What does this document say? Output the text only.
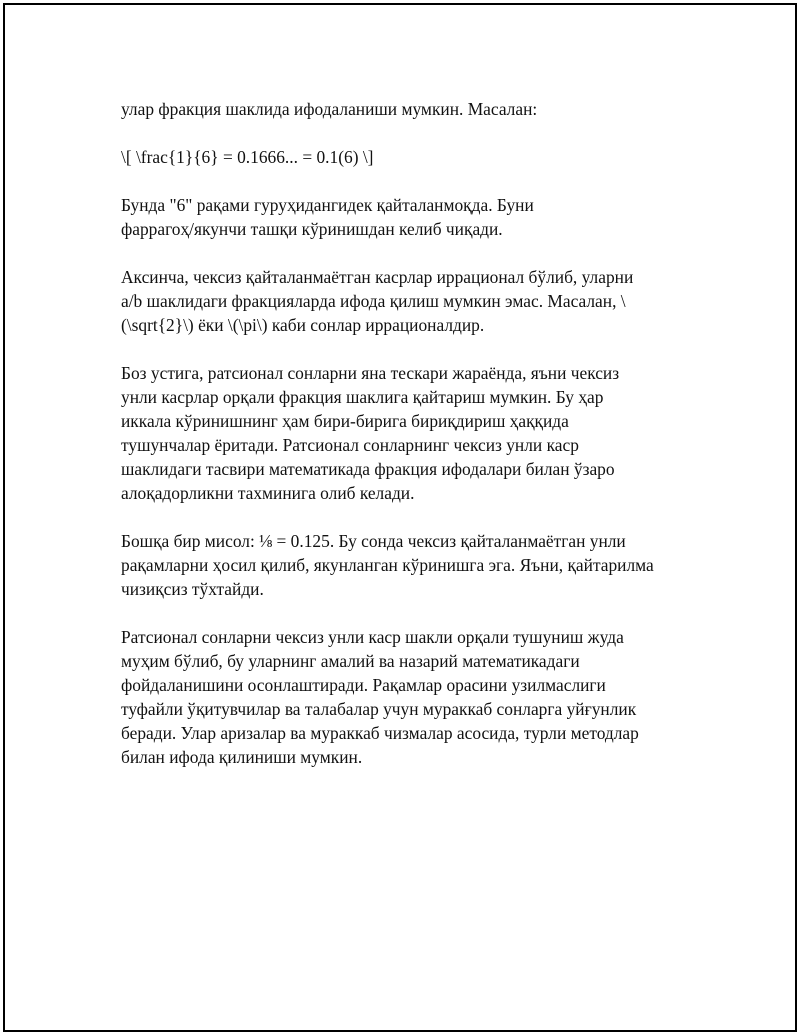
улар фракция шаклида ифодаланиши мумкин. Масалан:

\[ \frac{1}{6} = 0.1666... = 0.1(6) \]

Бунда "6" рақами гуруҳидангидек қайталанмоқда. Буни
фаррагоҳ/якунчи ташқи кўринишдан келиб чиқади.

Аксинча, чексиз қайталанмаётган касрлар иррационал бўлиб, уларни
a/b шаклидаги фракцияларда ифода қилиш мумкин эмас. Масалан, \
(\sqrt{2}\) ёки \(\pi\) каби сонлар иррационалдир.

Боз устига, ратсионал сонларни яна тескари жараёнда, яъни чексиз
унли касрлар орқали фракция шаклига қайтариш мумкин. Бу ҳар
иккала кўринишнинг ҳам бири-бирига бириқдириш ҳаққида
тушунчалар ёритади. Ратсионал сонларнинг чексиз унли каср
шаклидаги тасвири математикада фракция ифодалари билан ўзаро
алоқадорликни тахминига олиб келади.

Бошқа бир мисол: ⅛ = 0.125. Бу сонда чексиз қайталанмаётган унли
рақамларни ҳосил қилиб, якунланган кўринишга эга. Яъни, қайтарилма
чизиқсиз тўхтайди.

Ратсионал сонларни чексиз унли каср шакли орқали тушуниш жуда
муҳим бўлиб, бу уларнинг амалий ва назарий математикадаги
фойдаланишини осонлаштиради. Рақамлар орасини узилмаслиги
туфайли ўқитувчилар ва талабалар учун мураккаб сонларга уйғунлик
беради. Улар аризалар ва мураккаб чизмалар асосида, турли методлар
билан ифода қилиниши мумкин.
